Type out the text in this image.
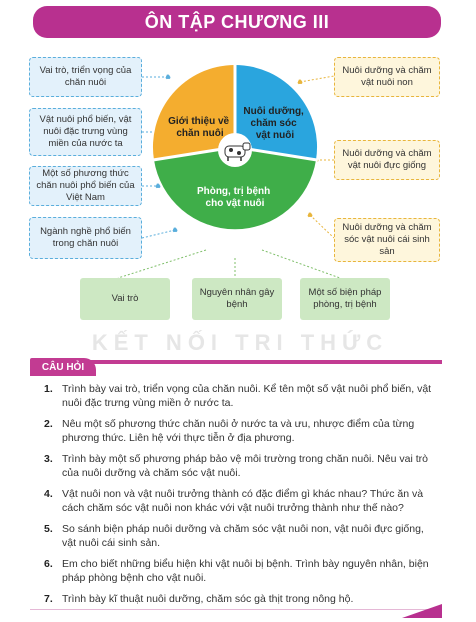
ÔN TẬP CHƯƠNG III
Giới thiệu về chăn nuôi
Nuôi dưỡng, chăm sóc vật nuôi
Phòng, trị bệnh cho vật nuôi
Vai trò, triển vọng của chăn nuôi
Vật nuôi phổ biến, vật nuôi đặc trưng vùng miền của nước ta
Một số phương thức chăn nuôi phổ biến của Việt Nam
Ngành nghề phổ biến trong chăn nuôi
Nuôi dưỡng và chăm vật nuôi non
Nuôi dưỡng và chăm vật nuôi đực giống
Nuôi dưỡng và chăm sóc vật nuôi cái sinh sản
Vai trò
Nguyên nhân gây bệnh
Một số biện pháp phòng, trị bệnh
KẾT NỐI TRI THỨC
CÂU HỎI
1. Trình bày vai trò, triển vọng của chăn nuôi. Kể tên một số vật nuôi phổ biến, vật nuôi đặc trưng vùng miền ở nước ta.
2. Nêu một số phương thức chăn nuôi ở nước ta và ưu, nhược điểm của từng phương thức. Liên hệ với thực tiễn ở địa phương.
3. Trình bày một số phương pháp bảo vệ môi trường trong chăn nuôi. Nêu vai trò của nuôi dưỡng và chăm sóc vật nuôi.
4. Vật nuôi non và vật nuôi trưởng thành có đặc điểm gì khác nhau? Thức ăn và cách chăm sóc vật nuôi non khác với vật nuôi trưởng thành như thế nào?
5. So sánh biện pháp nuôi dưỡng và chăm sóc vật nuôi non, vật nuôi đực giống, vật nuôi cái sinh sản.
6. Em cho biết những biểu hiện khi vật nuôi bị bệnh. Trình bày nguyên nhân, biện pháp phòng bệnh cho vật nuôi.
7. Trình bày kĩ thuật nuôi dưỡng, chăm sóc gà thịt trong nông hộ.
